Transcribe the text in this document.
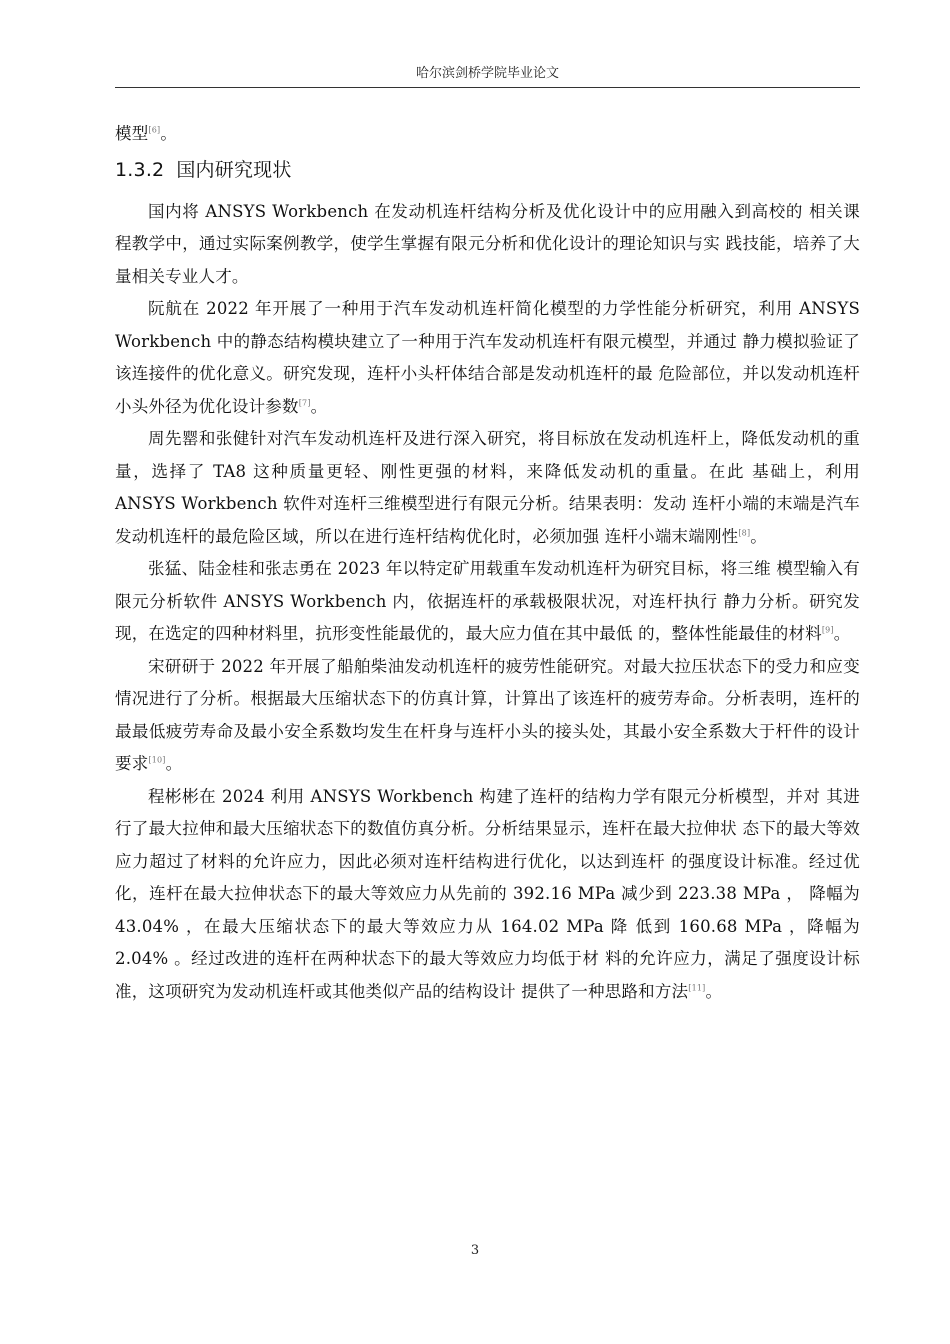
哈尔滨剑桥学院毕业论文

模型[6]。

1.3.2 国内研究现状

国内将 ANSYS Workbench 在发动机连杆结构分析及优化设计中的应用融入到高校的 相关课程教学中，通过实际案例教学，使学生掌握有限元分析和优化设计的理论知识与实 践技能，培养了大量相关专业人才。

阮航在 2022 年开展了一种用于汽车发动机连杆简化模型的力学性能分析研究，利用 ANSYS Workbench 中的静态结构模块建立了一种用于汽车发动机连杆有限元模型，并通过 静力模拟验证了该连接件的优化意义。研究发现，连杆小头杆体结合部是发动机连杆的最 危险部位，并以发动机连杆小头外径为优化设计参数[7]。

周先罂和张健针对汽车发动机连杆及进行深入研究，将目标放在发动机连杆上，降低发动机的重量，选择了 TA8 这种质量更轻、刚性更强的材料，来降低发动机的重量。在此 基础上，利用 ANSYS Workbench 软件对连杆三维模型进行有限元分析。结果表明：发动 连杆小端的末端是汽车发动机连杆的最危险区域，所以在进行连杆结构优化时，必须加强 连杆小端末端刚性[8]。

张猛、陆金桂和张志勇在 2023 年以特定矿用载重车发动机连杆为研究目标，将三维 模型输入有限元分析软件 ANSYS Workbench 内，依据连杆的承载极限状况，对连杆执行 静力分析。研究发现，在选定的四种材料里，抗形变性能最优的，最大应力值在其中最低 的，整体性能最佳的材料[9]。

宋研研于 2022 年开展了船舶柴油发动机连杆的疲劳性能研究。对最大拉压状态下的受力和应变情况进行了分析。根据最大压缩状态下的仿真计算，计算出了该连杆的疲劳寿命。分析表明，连杆的最最低疲劳寿命及最小安全系数均发生在杆身与连杆小头的接头处，其最小安全系数大于杆件的设计要求[10]。

程彬彬在 2024 利用 ANSYS Workbench 构建了连杆的结构力学有限元分析模型，并对 其进行了最大拉伸和最大压缩状态下的数值仿真分析。分析结果显示，连杆在最大拉伸状 态下的最大等效应力超过了材料的允许应力，因此必须对连杆结构进行优化，以达到连杆 的强度设计标准。经过优化，连杆在最大拉伸状态下的最大等效应力从先前的 392.16 MPa 减少到 223.38 MPa ， 降幅为 43.04% ，在最大压缩状态下的最大等效应力从 164.02 MPa 降 低到 160.68 MPa ，降幅为 2.04% 。经过改进的连杆在两种状态下的最大等效应力均低于材 料的允许应力，满足了强度设计标准，这项研究为发动机连杆或其他类似产品的结构设计 提供了一种思路和方法[11]。

3
